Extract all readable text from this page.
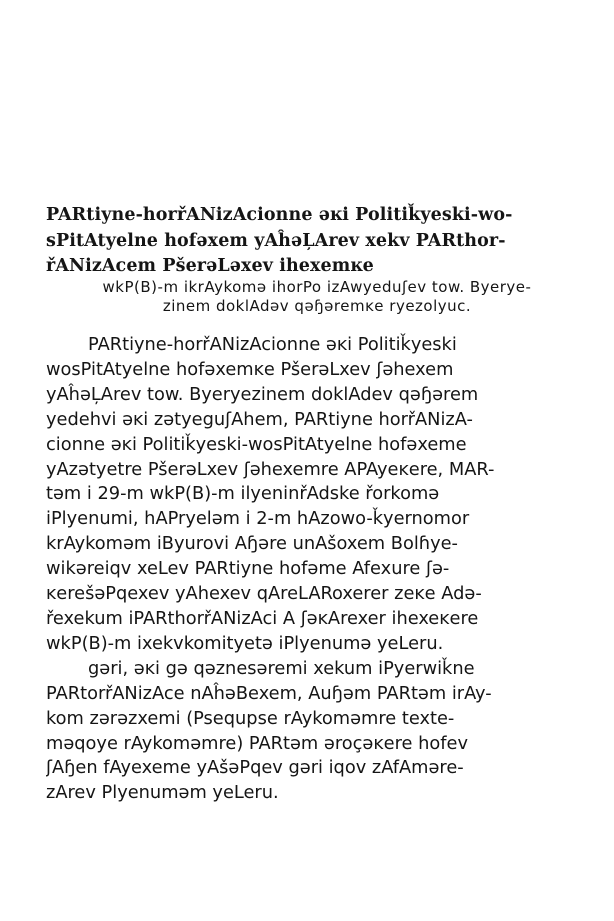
PARtiyne-horřANizAcionne əĸi Politiǩyeski-wo-
sPitAtyelne hofəxem yAĥəĻArev xekv PARthor-
řANizAcem PšerəLəxev ihexemĸe

wkP(B)-m ikrAykomə ihorPo izAwyeduʃev tow. Byerye-
zinem doklAdəv qəɧəremĸe ryezolyuc.

PARtiyne-horřANizAcionne əĸi Politiǩyeski
wosPitAtyelne hofəxemĸe PšerəLxev ʃəhexem
yAĥəĻArev tow. Byeryezinem doklAdev qəɧərem
yedehvi əĸi zətyeguʃAhem, PARtiyne horřANizA-
cionne əĸi Politiǩyeski-wosPitAtyelne hofəxeme
yAzətyetre PšerəLxev ʃəhexemre APAyeĸere, MAR-
təm i 29-m wkP(B)-m ilyeninřAdske řorkomə
iPlyenumi, hAPryeləm i 2-m hAzowo-ǩyernomor
krAykoməm iByurovi Aɧəre unAšoxem Bolɦye-
wikəreiqv xeLev PARtiyne hofəme Afexure ʃə-
ĸerešəPqexev yAhexev qAreLARoxerer zeĸe Adə-
řexekum iPARthorřANizAci A ʃəĸArexer ihexeĸere
wkP(B)-m ixekvkomityetə iPlyenumə yeLeru.
gəri, əĸi gə qəznesəremi xekum iPyerwiǩne
PARtorřANizAce nAĥəBexem, Auɧəm PARtəm irAy-
kom zərəzxemi (Psequpse rAykoməmre texte-
məqoye rAykoməmre) PARtəm əroçəĸere hofev
ʃAɧen fAyexeme yAšəPqev gəri iqov zAfAməre-
zArev Plyenuməm yeLeru.
